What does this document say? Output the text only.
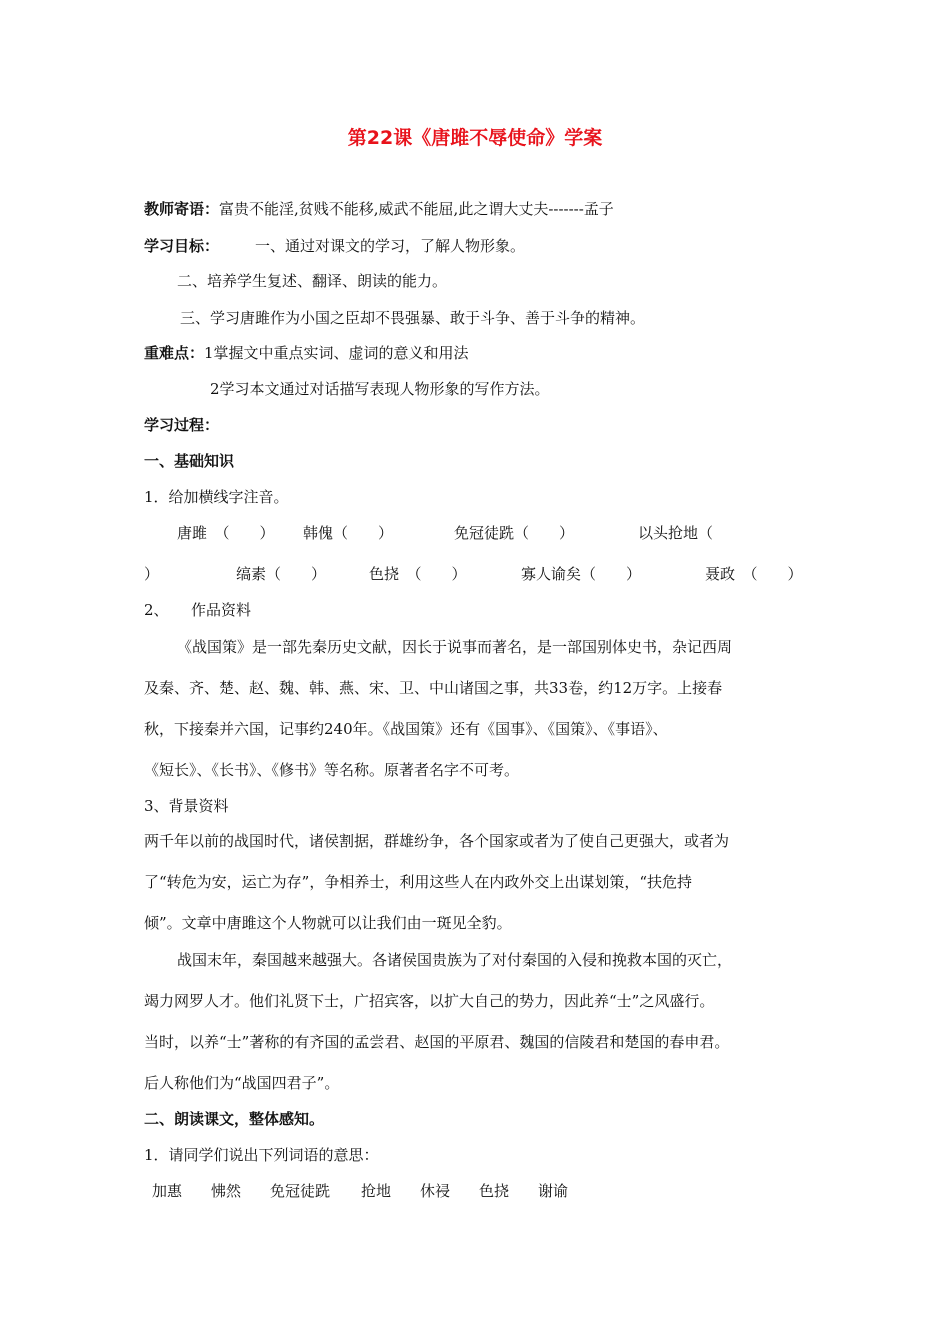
第22课《唐雎不辱使命》学案
教师寄语：富贵不能淫,贫贱不能移,威武不能屈,此之谓大丈夫-------孟子
学习目标： 一、通过对课文的学习，了解人物形象。
二、培养学生复述、翻译、朗读的能力。
三、学习唐雎作为小国之臣却不畏强暴、敢于斗争、善于斗争的精神。
重难点：1掌握文中重点实词、虚词的意义和用法
2学习本文通过对话描写表现人物形象的写作方法。
学习过程：
一、基础知识
1．给加横线字注音。
唐雎　（　　） 韩傀（　　）	免冠徒跣（　　）	以头抢地（
）	缟素（　　）	色挠　（　　）	寡人谕矣（　　）	聂政　（　　）
2、　　作品资料
《战国策》是一部先秦历史文献，因长于说事而著名，是一部国别体史书，杂记西周
及秦、齐、楚、赵、魏、韩、燕、宋、卫、中山诸国之事，共33卷，约12万字。上接春
秋，下接秦并六国，记事约240年。《战国策》还有《国事》、《国策》、《事语》、
《短长》、《长书》、《修书》等名称。原著者名字不可考。
3、背景资料
两千年以前的战国时代，诸侯割据，群雄纷争，各个国家或者为了使自己更强大，或者为
了“转危为安，运亡为存”，争相养士，利用这些人在内政外交上出谋划策，“扶危持
倾”。文章中唐雎这个人物就可以让我们由一斑见全豹。
战国末年，秦国越来越强大。各诸侯国贵族为了对付秦国的入侵和挽救本国的灭亡，
竭力网罗人才。他们礼贤下士，广招宾客，以扩大自己的势力，因此养“士”之风盛行。
当时，以养“士”著称的有齐国的孟尝君、赵国的平原君、魏国的信陵君和楚国的春申君。
后人称他们为“战国四君子”。
二、朗读课文，整体感知。
1．请同学们说出下列词语的意思：
加惠 怫然 免冠徒跣 抢地 休祲 色挠 谢谕
